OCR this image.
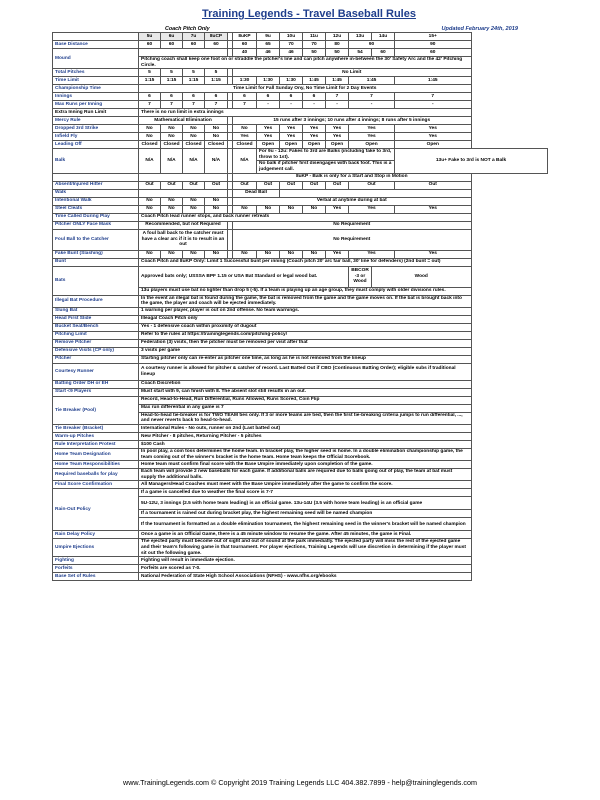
Training Legends - Travel Baseball Rules
Coach Pitch Only	Updated February 24th, 2019
	5u	6u	7u	8uCP		8uKP	9u	10u	11u	12u	13u	14u	15+
Base Distance	60	60	60	60		60	65	70	70	80	90		90
Mound						40	46	46	50	50	54	60	60
	Pitching coach shall keep one foot on or straddle the pitcher's line and can pitch anywhere in-between the 30' Safety Arc and the 42' Pitching Circle.												
Total Pitches	5	5	5	5		No Limit							
Time Limit	1:15	1:15	1:15	1:15		1:30	1:30	1:30	1:45	1:45	1:45		1:45
Championship Time	Time Limit for Fall Sunday Ony, No Time Limit for 2 Day Events												
Innings	6	6	6	6		6	6	6	6	7	7		7
Max Runs per Inning	7	7	7	7		7	-	-	-	-	-		-
Extra Inning Run Limit	There is no run limit in extra innings												
Mercy Rule	Mathematical Elimination					15 runs after 3 innings; 10 runs after 4 innings; 8 runs after 5 innings							
Dropped 3rd Strike	No	No	No	No		No	Yes	Yes	Yes	Yes	Yes		Yes
Infield Fly	No	No	No	No		Yes	Yes	Yes	Yes	Yes	Yes		Yes
Leading Off	Closed	Closed	Closed	Closed		Closed	Open	Open	Open	Open	Open		Open
Balk	N/A	N/A	N/A	N/A		N/A	For 9u - 12u: Fakes to 3rd are Balks (including fake to 3rd, throw to 1st).						13u+ Fake to 3rd is NOT a Balk
							No balk if pitcher first disengages with back foot. This is a judgement call.						
						8uKP - Balk is only for a Start and Stop in Motion							
Absent/Injured Hitter	Out	Out	Out	Out		Out	Out	Out	Out	Out	Out		Out
Walk						Dead Ball							
Intentional Walk	No	No	No	No		Verbal at anytime during at bat							
Steel Cleats	No	No	No	No		No	No	No	No	Yes	Yes		Yes
Time Called During Play	Coach Pitch lead runner stops, and back runner retreats												
Pitcher ONLY Face Mask	Recommended, but not Required					No Requirement							
Foul Ball to the Catcher	A foul ball back to the catcher must have a clear arc if it is to result in an out					No Requirement							
Fake Bunt (Slashing)	No	No	No	No		No	No	No	No	Yes	Yes		Yes
Bunt	Coach Pitch and 8uKP Only: Limit 1 Successful bunt per inning (Coach pitch 20' arc fair ball, 30' line for defenders) (2nd bunt = out)												
Bats	Approved bats only; USSSA BPF 1.15 or USA Bat Standard or legal wood bat.										BBCOR -3 or Wood	Wood	
	13u players must use bat no lighter than drop 5 (-5). If a team is playing up an age group, they must comply with older divisions rules.												
Illegal Bat Procedure	In the event an illegal bat is found during the game, the bat is removed from the game and the game moves on. If the bat is brought back into the game, the player and coach will be ejected immediately.												
Slung Bat	1 warning per player, player is out on 2nd offense. No team warnings.												
Head First Slide	Illeagal Coach Pitch only												
Bucket Seat/Bench	Yes - 1 defensive coach within proximity of dugout												
Pitching Limit	Refer to the rules at https://traininglegends.com/pitching-policy/												
Remove Pitcher	Federation (3) visits, then the pitcher must be removed per visit after that												
Defensive Visits (CP only)	3 visits per game												
Pitcher	Starting pitcher only can re-enter as pitcher one time, as long as he is not removed from the lineup												
Courtesy Runner	A courtesy runner is allowed for pitcher & catcher of record. Last Batted Out if CBO (Continuous Batting Order); eligible subs if traditional lineup												
Batting Order DH or EH	Coach Discretion												
Start <9 Players	Must start with 9, can finish with 8. The absent slot still results in an out.												
Tie Breaker (Pool)	Record, Head-to-Head, Run Differential, Runs Allowed, Runs Scored, Coin Flip												
	Max run differential in any game is 7												
	Head-to-head tie-breaker is for TWO TEAM ties only. If 3 or more teams are tied, then the first tie-breaking criteria jumps to run differential, ..., and never reverts back to head-to-head.												
Tie Breaker (Bracket)	International Rules - No outs, runner on 2nd (Last batted out)												
Warm-up Pitches	New Pitcher - 8 pitches, Returning Pitcher - 5 pitches												
Rule Interpretation Protest	$100 Cash												
Home Team Designation	In pool play, a coin toss determines the home team. In bracket play, the higher seed is home. In a double elimination championship game, the team coming out of the winner's bracket is the home team. Home team keeps the Official Scorebook.												
Home Team Responsibilities	Home team must confirm final score with the Base Umpire immediately upon completion of the game.												
Required baseballs for play	Each team will provide 2 new baseballs for each game. If additional balls are required due to balls going out of play, the team at bat must supply the additional balls.												
Final Score Confirmation	All Managers/Head Coaches must meet with the Base Umpire immediately after the game to confirm the score.												
Rain-Out Policy	If a game is cancelled due to weather the final score is 7-7												
	5U-12U, 3 innings (2.5 with home team leading) is an official game. 13u-14U (3.5 with home team leading) is an official game												
	If a tournament is rained out during bracket play, the highest remaining seed will be named champion												
	If the tournament is formatted as a double elimination tournament, the highest remaining seed in the winner's bracket will be named champion												
Rain Delay Policy	Once a game is an Official Game, there is a 45 minute window to resume the game. After 45 minutes, the game is Final.												
Umpire Ejections	The ejected party must become out of sight and out of sound at the park immediatly. The ejected party will miss the rest of the ejected game and their team's following game in that tournament. For player ejections, Training Legends will use discretion in determining if the player must sit out the following game.												
Fighting	Fighting will result in immediate ejection.												
Forfeits	Forfeits are scored as 7-0.												
Base Set of Rules	National Federation of State High School Associations (NFHS) - www.nfhs.org/ebooks												
www.TrainingLegends.com © Copyright 2019 Training Legends LLC 404.382.7899 - help@traininglegends.com
